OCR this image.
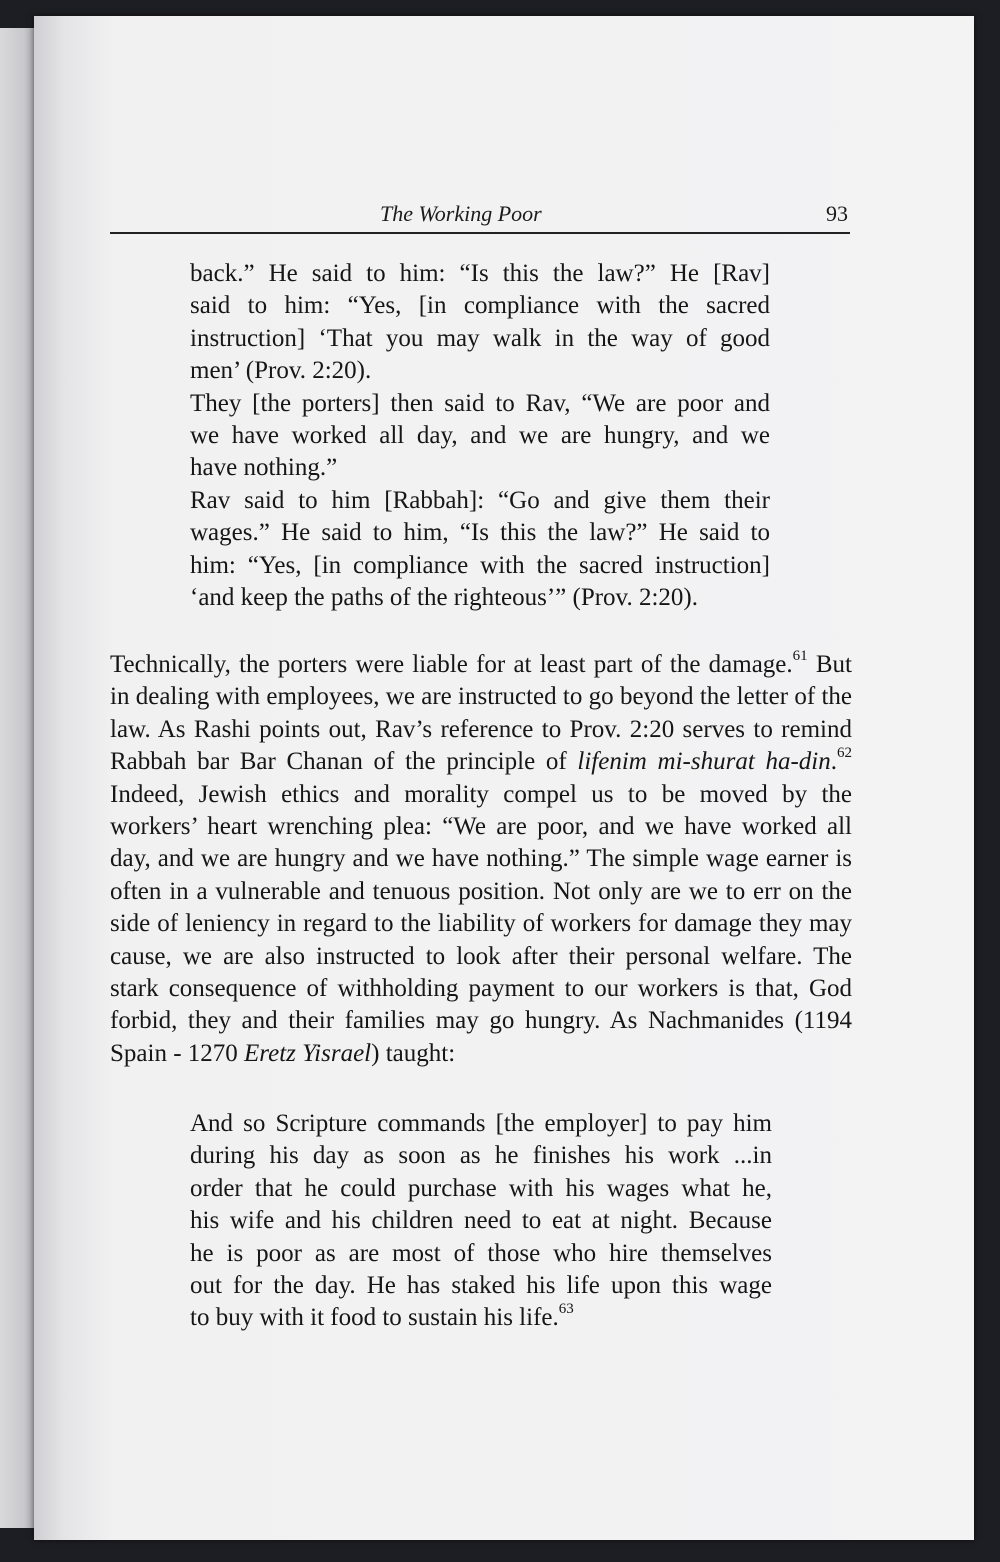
The Working Poor	93
back.” He said to him: “Is this the law?” He [Rav]
said to him: “Yes, [in compliance with the sacred
instruction] ‘That you may walk in the way of good
men’ (Prov. 2:20).
They [the porters] then said to Rav, “We are poor and
we have worked all day, and we are hungry, and we
have nothing.”
Rav said to him [Rabbah]: “Go and give them their
wages.” He said to him, “Is this the law?” He said to
him: “Yes, [in compliance with the sacred instruction]
‘and keep the paths of the righteous’” (Prov. 2:20).

Technically, the porters were liable for at least part of the damage.$^{61}$ But in dealing with employees, we are instructed to go beyond the letter of the law. As Rashi points out, Rav’s reference to Prov. 2:20 serves to remind Rabbah bar Bar Chanan of the principle of lifenim mi-shurat ha-din.$^{62}$ Indeed, Jewish ethics and morality compel us to be moved by the workers’ heart wrenching plea: “We are poor, and we have worked all day, and we are hungry and we have nothing.” The simple wage earner is often in a vulnerable and tenuous position. Not only are we to err on the side of leniency in regard to the liability of workers for damage they may cause, we are also instructed to look after their personal welfare. The stark consequence of withholding payment to our workers is that, God forbid, they and their families may go hungry. As Nachmanides (1194 Spain - 1270 Eretz Yisrael) taught:

And so Scripture commands [the employer] to pay him
during his day as soon as he finishes his work ...in
order that he could purchase with his wages what he,
his wife and his children need to eat at night. Because
he is poor as are most of those who hire themselves
out for the day. He has staked his life upon this wage
to buy with it food to sustain his life.$^{63}$
